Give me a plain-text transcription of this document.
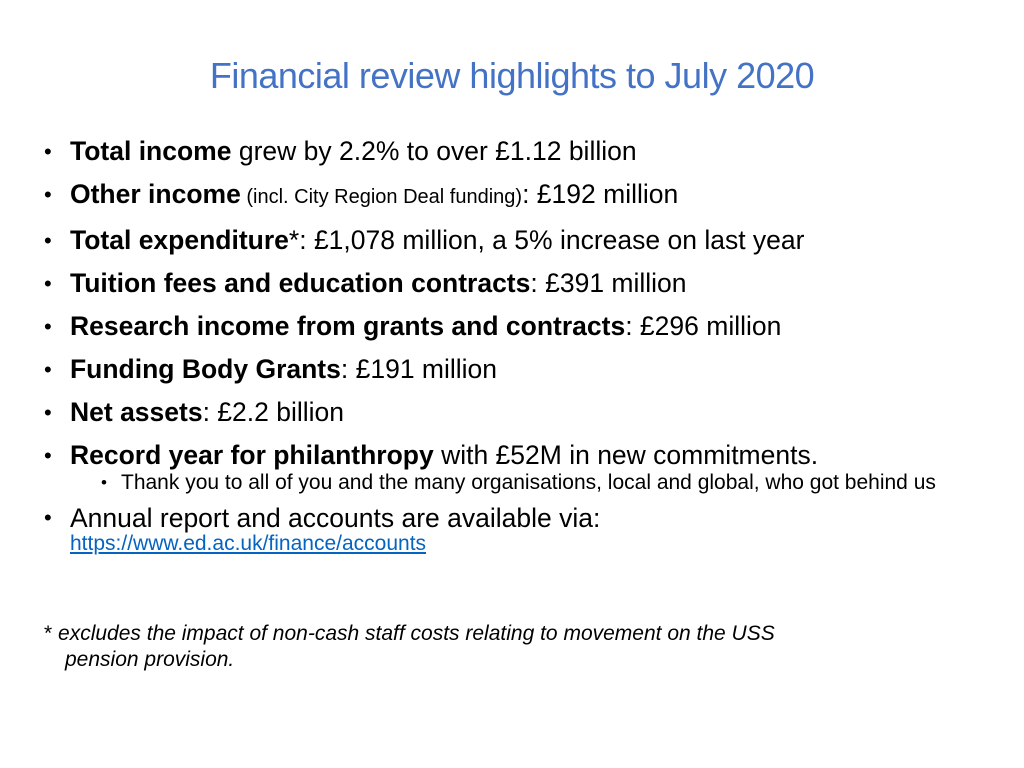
Financial review highlights to July 2020
• Total income grew by 2.2% to over £1.12 billion
• Other income (incl. City Region Deal funding): £192 million
• Total expenditure*: £1,078 million, a 5% increase on last year
• Tuition fees and education contracts: £391 million
• Research income from grants and contracts: £296 million
• Funding Body Grants: £191 million
• Net assets: £2.2 billion
• Record year for philanthropy with £52M in new commitments.
• Thank you to all of you and the many organisations, local and global, who got behind us
• Annual report and accounts are available via:
https://www.ed.ac.uk/finance/accounts
* excludes the impact of non-cash staff costs relating to movement on the USS
pension provision.
